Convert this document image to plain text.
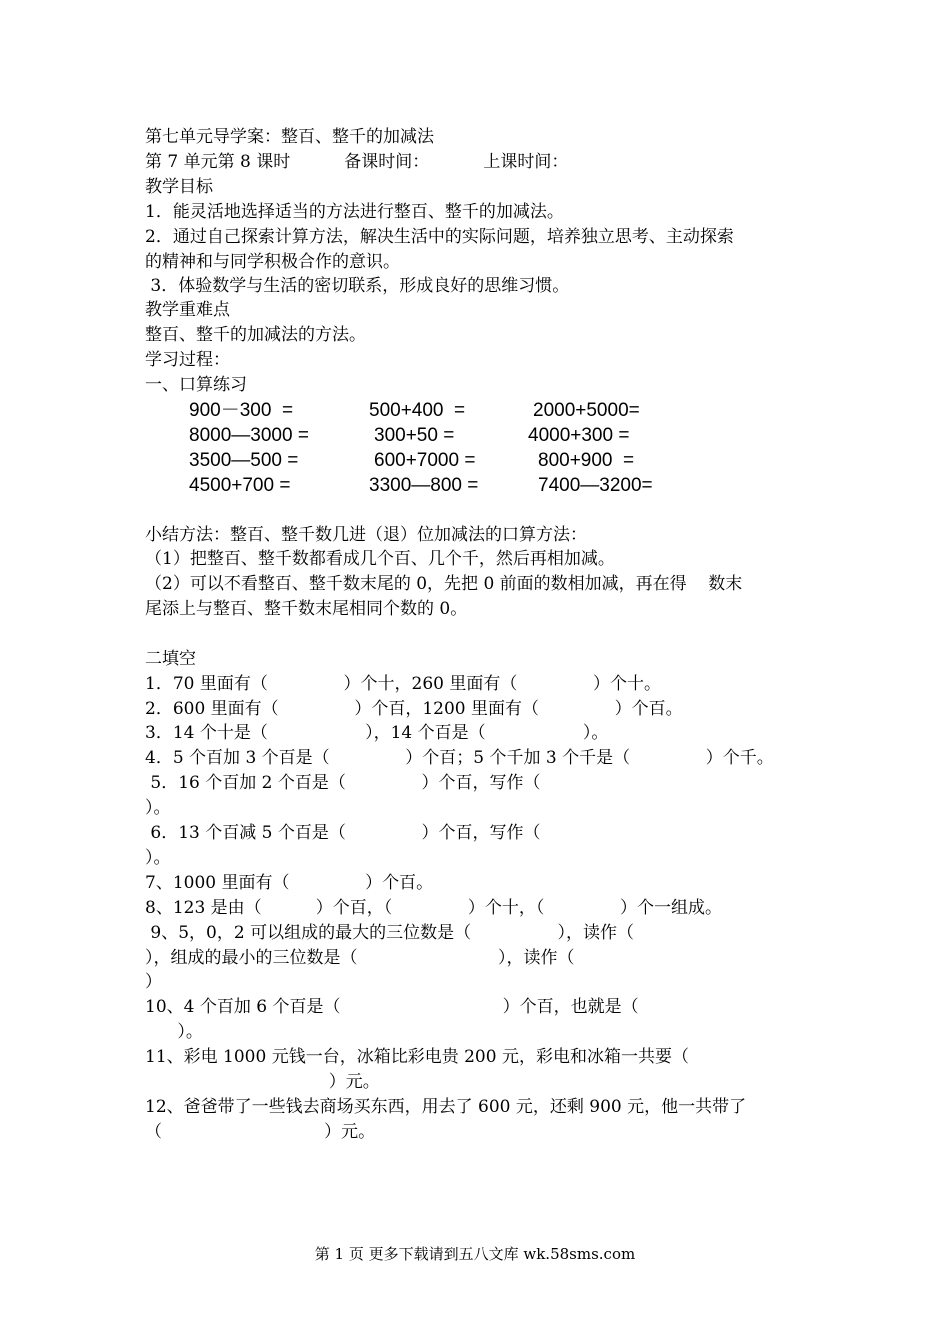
第七单元导学案：整百、整千的加减法
第 7 单元第 8 课时          备课时间：          上课时间：
教学目标
1．能灵活地选择适当的方法进行整百、整千的加减法。
2．通过自己探索计算方法，解决生活中的实际问题，培养独立思考、主动探索
的精神和与同学积极合作的意识。
3．体验数学与生活的密切联系，形成良好的思维习惯。
教学重难点
整百、整千的加减法的方法。
学习过程：
一、口算练习
900－300  =	500+400  =	2000+5000=
8000—3000 =	300+50 =	4000+300 =
3500—500 =	600+7000 =	800+900  =
4500+700 =	3300—800 =	7400—3200=
小结方法：整百、整千数几进（退）位加减法的口算方法：
（1）把整百、整千数都看成几个百、几个千，然后再相加减。
（2）可以不看整百、整千数末尾的 0，先把 0 前面的数相加减，再在得    数末
尾添上与整百、整千数末尾相同个数的 0。
二填空
1．70 里面有（              ）个十，260 里面有（              ）个十。
2．600 里面有（              ）个百，1200 里面有（              ）个百。
3．14 个十是（                  ），14 个百是（                  ）。
4．5 个百加 3 个百是（              ）个百；5 个千加 3 个千是（              ）个千。
5．16 个百加 2 个百是（              ）个百，写作（
）。
6．13 个百减 5 个百是（              ）个百，写作（
）。
7、1000 里面有（              ）个百。
8、123 是由（          ）个百，（              ）个十，（              ）个一组成。
9、5，0，2 可以组成的最大的三位数是（                ），读作（
），组成的最小的三位数是（                          ），读作（
）
10、4 个百加 6 个百是（                              ）个百，也就是（
）。
11、彩电 1000 元钱一台，冰箱比彩电贵 200 元，彩电和冰箱一共要（
）元。
12、爸爸带了一些钱去商场买东西，用去了 600 元，还剩 900 元，他一共带了
（                              ）元。
第 1 页 更多下载请到五八文库 wk.58sms.com
